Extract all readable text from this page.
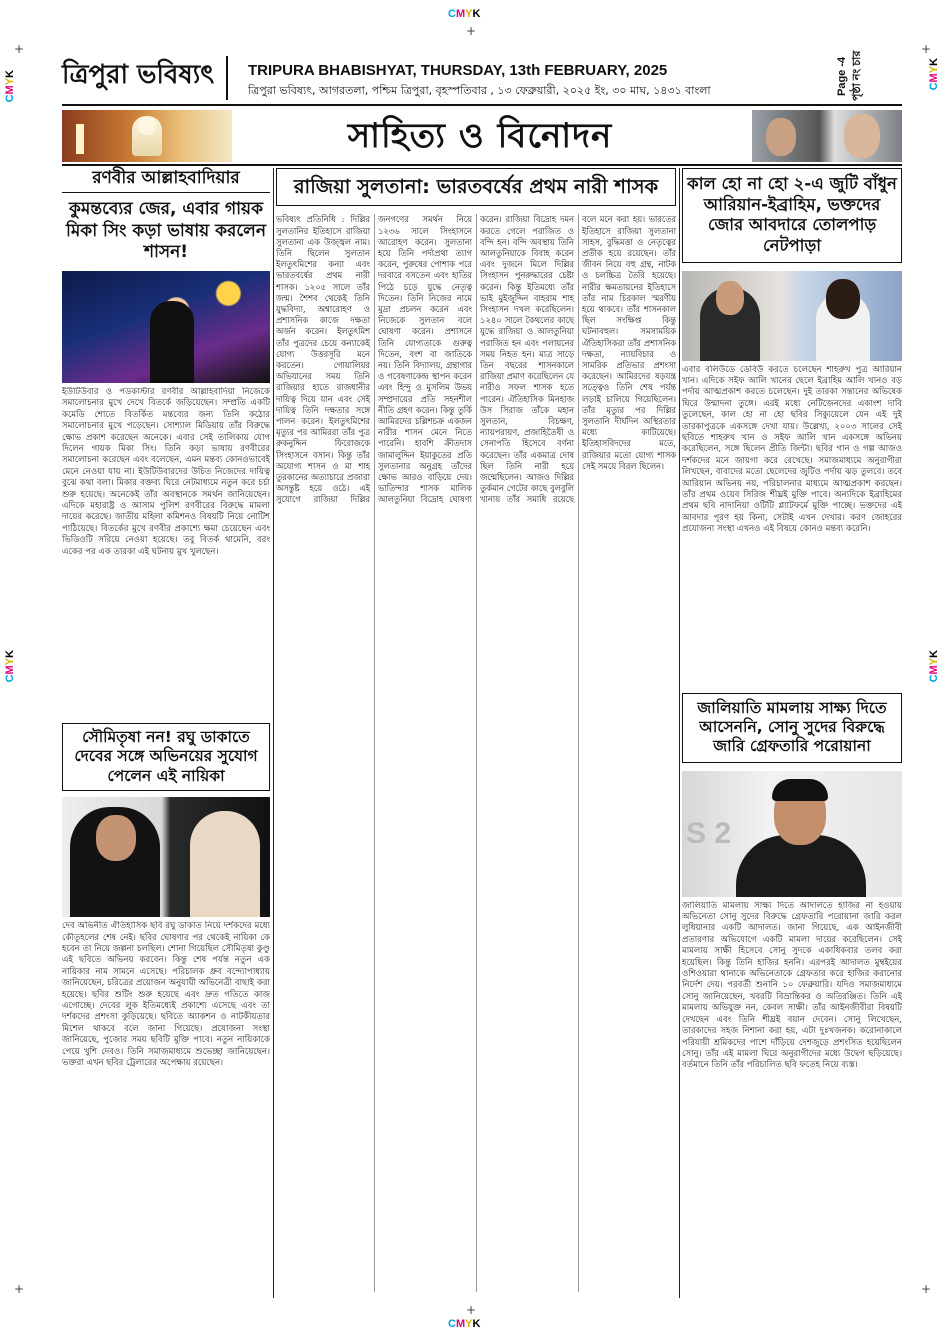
CMYK
CMYK
CMYK
CMYK
CMYK
CMYK
+
+
+
+
+
+
ত্রিপুরা ভবিষ্যৎ	TRIPURA BHABISHYAT, THURSDAY, 13th FEBRUARY, 2025
ত্রিপুরা ভবিষ্যৎ, আগরতলা, পশ্চিম ত্রিপুরা, বৃহস্পতিবার , ১৩ ফেব্রুয়ারী, ২০২৫ ইং, ৩০ মাঘ, ১৪৩১ বাংলা	Page -4 পৃষ্ঠা নং চার
সাহিত্য ও বিনোদন
রণবীর আল্লাহবাদিয়ার
কুমন্তব্যের জের, এবার গায়ক মিকা সিং কড়া ভাষায় করলেন শাসন!
ইউটিউবার ও পডকাস্টার রণবীর আল্লাহবাদিয়া নিজেকে সমালোচনার মুখে দেখে বিতর্কে জড়িয়েছেন। সম্প্রতি একটি কমেডি শোতে বিতর্কিত মন্তব্যের জন্য তিনি কঠোর সমালোচনার মুখে পড়েছেন। সোশ্যাল মিডিয়ায় তাঁর বিরুদ্ধে ক্ষোভ প্রকাশ করেছেন অনেকে। এবার সেই তালিকায় যোগ দিলেন গায়ক মিকা সিং। তিনি কড়া ভাষায় রণবীরের সমালোচনা করেছেন এবং বলেছেন, এমন মন্তব্য কোনওভাবেই মেনে নেওয়া যায় না। ইউটিউবারদের উচিত নিজেদের দায়িত্ব বুঝে কথা বলা। মিকার বক্তব্য ঘিরে নেটমাধ্যমে নতুন করে চর্চা শুরু হয়েছে। অনেকেই তাঁর অবস্থানকে সমর্থন জানিয়েছেন। এদিকে মহারাষ্ট্র ও আসাম পুলিশ রণবীরের বিরুদ্ধে মামলা দায়ের করেছে। জাতীয় মহিলা কমিশনও বিষয়টি নিয়ে নোটিশ পাঠিয়েছে। বিতর্কের মুখে রণবীর প্রকাশ্যে ক্ষমা চেয়েছেন এবং ভিডিওটি সরিয়ে নেওয়া হয়েছে। তবু বিতর্ক থামেনি, বরং একের পর এক তারকা এই ঘটনায় মুখ খুলছেন।
সৌমিতৃষা নন! রঘু ডাকাতে দেবের সঙ্গে অভিনয়ের সুযোগ পেলেন এই নায়িকা
দেব অভিনীত ঐতিহাসিক ছবি রঘু ডাকাত নিয়ে দর্শকদের মধ্যে কৌতূহলের শেষ নেই। ছবির ঘোষণার পর থেকেই নায়িকা কে হবেন তা নিয়ে জল্পনা চলছিল। শোনা গিয়েছিল সৌমিতৃষা কুণ্ডু এই ছবিতে অভিনয় করবেন। কিন্তু শেষ পর্যন্ত নতুন এক নায়িকার নাম সামনে এসেছে। পরিচালক ধ্রুব বন্দ্যোপাধ্যায় জানিয়েছেন, চরিত্রের প্রয়োজন অনুযায়ী অভিনেত্রী বাছাই করা হয়েছে। ছবির শুটিং শুরু হয়েছে এবং দ্রুত গতিতে কাজ এগোচ্ছে। দেবের লুক ইতিমধ্যেই প্রকাশ্যে এসেছে এবং তা দর্শকদের প্রশংসা কুড়িয়েছে। ছবিতে অ্যাকশন ও নাটকীয়তার মিশেল থাকবে বলে জানা গিয়েছে। প্রযোজনা সংস্থা জানিয়েছে, পুজোর সময় ছবিটি মুক্তি পাবে। নতুন নায়িকাকে পেয়ে খুশি দেবও। তিনি সমাজমাধ্যমে শুভেচ্ছা জানিয়েছেন। ভক্তরা এখন ছবির ট্রেলারের অপেক্ষায় রয়েছেন।
রাজিয়া সুলতানা: ভারতবর্ষের প্রথম নারী শাসক
ভবিষ্যৎ প্রতিনিধি : দিল্লির সুলতানির ইতিহাসে রাজিয়া সুলতানা এক উজ্জ্বল নাম। তিনি ছিলেন সুলতান ইলতুৎমিশের কন্যা এবং ভারতবর্ষের প্রথম নারী শাসক। ১২০৫ সালে তাঁর জন্ম। শৈশব থেকেই তিনি যুদ্ধবিদ্যা, অশ্বারোহণ ও প্রশাসনিক কাজে দক্ষতা অর্জন করেন। ইলতুৎমিশ তাঁর পুত্রদের চেয়ে কন্যাকেই যোগ্য উত্তরসূরি মনে করতেন। গোয়ালিয়র অভিযানের সময় তিনি রাজিয়ার হাতে রাজধানীর দায়িত্ব দিয়ে যান এবং সেই দায়িত্ব তিনি দক্ষতার সঙ্গে পালন করেন। ইলতুৎমিশের মৃত্যুর পর আমিররা তাঁর পুত্র রুকনুদ্দিন ফিরোজকে সিংহাসনে বসান। কিন্তু তাঁর অযোগ্য শাসন ও মা শাহ তুরকানের অত্যাচারে প্রজারা অসন্তুষ্ট হয়ে ওঠে। এই সুযোগে রাজিয়া দিল্লির জনগণের সমর্থন নিয়ে ১২৩৬ সালে সিংহাসনে আরোহণ করেন। সুলতানা হয়ে তিনি পর্দাপ্রথা ত্যাগ করেন, পুরুষের পোশাক পরে দরবারে বসতেন এবং হাতির পিঠে চড়ে যুদ্ধে নেতৃত্ব দিতেন। তিনি নিজের নামে মুদ্রা প্রচলন করেন এবং নিজেকে সুলতান বলে ঘোষণা করেন। প্রশাসনে তিনি যোগ্যতাকে গুরুত্ব দিতেন, বংশ বা জাতিকে নয়। তিনি বিদ্যালয়, গ্রন্থাগার ও গবেষণাকেন্দ্র স্থাপন করেন এবং হিন্দু ও মুসলিম উভয় সম্প্রদায়ের প্রতি সহনশীল নীতি গ্রহণ করেন। কিন্তু তুর্কি আমিরদের চল্লিশচক্র একজন নারীর শাসন মেনে নিতে পারেনি। হাবশি ক্রীতদাস জামালুদ্দিন ইয়াকুতের প্রতি সুলতানার অনুগ্রহ তাঁদের ক্ষোভ আরও বাড়িয়ে দেয়। ভাতিন্দার শাসক মালিক আলতুনিয়া বিদ্রোহ ঘোষণা করেন। রাজিয়া বিদ্রোহ দমন করতে গেলে পরাজিত ও বন্দি হন। বন্দি অবস্থায় তিনি আলতুনিয়াকে বিবাহ করেন এবং দুজনে মিলে দিল্লির সিংহাসন পুনরুদ্ধারের চেষ্টা করেন। কিন্তু ইতিমধ্যে তাঁর ভাই মুইজুদ্দিন বাহরাম শাহ সিংহাসন দখল করেছিলেন। ১২৪০ সালে কৈথলের কাছে যুদ্ধে রাজিয়া ও আলতুনিয়া পরাজিত হন এবং পলায়নের সময় নিহত হন। মাত্র সাড়ে তিন বছরের শাসনকালে রাজিয়া প্রমাণ করেছিলেন যে নারীও সফল শাসক হতে পারেন। ঐতিহাসিক মিনহাজ উস সিরাজ তাঁকে মহান সুলতান, বিচক্ষণ, ন্যায়পরায়ণ, প্রজাহিতৈষী ও সেনাপতি হিসেবে বর্ণনা করেছেন। তাঁর একমাত্র দোষ ছিল তিনি নারী হয়ে জন্মেছিলেন। আজও দিল্লির তুর্কমান গেটের কাছে বুলবুলি খানায় তাঁর সমাধি রয়েছে বলে মনে করা হয়। ভারতের ইতিহাসে রাজিয়া সুলতানা সাহস, বুদ্ধিমত্তা ও নেতৃত্বের প্রতীক হয়ে রয়েছেন। তাঁর জীবন নিয়ে বহু গ্রন্থ, নাটক ও চলচ্চিত্র তৈরি হয়েছে। নারীর ক্ষমতায়নের ইতিহাসে তাঁর নাম চিরকাল স্মরণীয় হয়ে থাকবে। তাঁর শাসনকাল ছিল সংক্ষিপ্ত কিন্তু ঘটনাবহুল। সমসাময়িক ঐতিহাসিকরা তাঁর প্রশাসনিক দক্ষতা, ন্যায়বিচার ও সামরিক প্রতিভার প্রশংসা করেছেন। আমিরদের ষড়যন্ত্র সত্ত্বেও তিনি শেষ পর্যন্ত লড়াই চালিয়ে গিয়েছিলেন। তাঁর মৃত্যুর পর দিল্লির সুলতানি দীর্ঘদিন অস্থিরতার মধ্যে কাটিয়েছে। ইতিহাসবিদদের মতে, রাজিয়ার মতো যোগ্য শাসক সেই সময়ে বিরল ছিলেন।
কাল হো না হো ২-এ জুটি বাঁধুন আরিয়ান-ইব্রাহিম, ভক্তদের জোর আবদারে তোলপাড় নেটপাড়া
এবার বলিউডে ডেবিউ করতে চলেছেন শাহরুখ পুত্র আরিয়ান খান। এদিকে সইফ আলি খানের ছেলে ইব্রাহিম আলি খানও বড় পর্দায় আত্মপ্রকাশ করতে চলেছেন। দুই তারকা সন্তানের অভিষেক ঘিরে উন্মাদনা তুঙ্গে। এরই মধ্যে নেটিজেনদের একাংশ দাবি তুলেছেন, কাল হো না হো ছবির সিক্যুয়েলে যেন এই দুই তারকাপুত্রকে একসঙ্গে দেখা যায়। উল্লেখ্য, ২০০৩ সালের সেই ছবিতে শাহরুখ খান ও সইফ আলি খান একসঙ্গে অভিনয় করেছিলেন, সঙ্গে ছিলেন প্রীতি জিন্টা। ছবির গান ও গল্প আজও দর্শকদের মনে জায়গা করে রেখেছে। সমাজমাধ্যমে অনুরাগীরা লিখছেন, বাবাদের মতো ছেলেদের জুটিও পর্দায় ঝড় তুলবে। তবে আরিয়ান অভিনয় নয়, পরিচালনার মাধ্যমে আত্মপ্রকাশ করছেন। তাঁর প্রথম ওয়েব সিরিজ শীঘ্রই মুক্তি পাবে। অন্যদিকে ইব্রাহিমের প্রথম ছবি নাদানিয়া ওটিটি প্ল্যাটফর্মে মুক্তি পাচ্ছে। ভক্তদের এই আবদার পূরণ হয় কিনা, সেটাই এখন দেখার। করণ জোহরের প্রযোজনা সংস্থা এখনও এই বিষয়ে কোনও মন্তব্য করেনি।
জালিয়াতি মামলায় সাক্ষ্য দিতে আসেননি, সোনু সুদের বিরুদ্ধে জারি গ্রেফতারি পরোয়ানা
S 2
জালিয়াতি মামলায় সাক্ষ্য দিতে আদালতে হাজির না হওয়ায় অভিনেতা সোনু সুদের বিরুদ্ধে গ্রেফতারি পরোয়ানা জারি করল লুধিয়ানার একটি আদালত। জানা গিয়েছে, এক আইনজীবী প্রতারণার অভিযোগে একটি মামলা দায়ের করেছিলেন। সেই মামলায় সাক্ষী হিসেবে সোনু সুদকে একাধিকবার তলব করা হয়েছিল। কিন্তু তিনি হাজির হননি। এরপরই আদালত মুম্বইয়ের ওশিওয়ারা থানাকে অভিনেতাকে গ্রেফতার করে হাজির করানোর নির্দেশ দেয়। পরবর্তী শুনানি ১০ ফেব্রুয়ারি। যদিও সমাজমাধ্যমে সোনু জানিয়েছেন, খবরটি বিভ্রান্তিকর ও অতিরঞ্জিত। তিনি এই মামলায় অভিযুক্ত নন, কেবল সাক্ষী। তাঁর আইনজীবীরা বিষয়টি দেখছেন এবং তিনি শীঘ্রই বয়ান দেবেন। সোনু লিখেছেন, তারকাদের সহজ নিশানা করা হয়, এটা দুঃখজনক। করোনাকালে পরিযায়ী শ্রমিকদের পাশে দাঁড়িয়ে দেশজুড়ে প্রশংসিত হয়েছিলেন সোনু। তাঁর এই মামলা ঘিরে অনুরাগীদের মধ্যে উদ্বেগ ছড়িয়েছে। বর্তমানে তিনি তাঁর পরিচালিত ছবি ফতেহ নিয়ে ব্যস্ত।
